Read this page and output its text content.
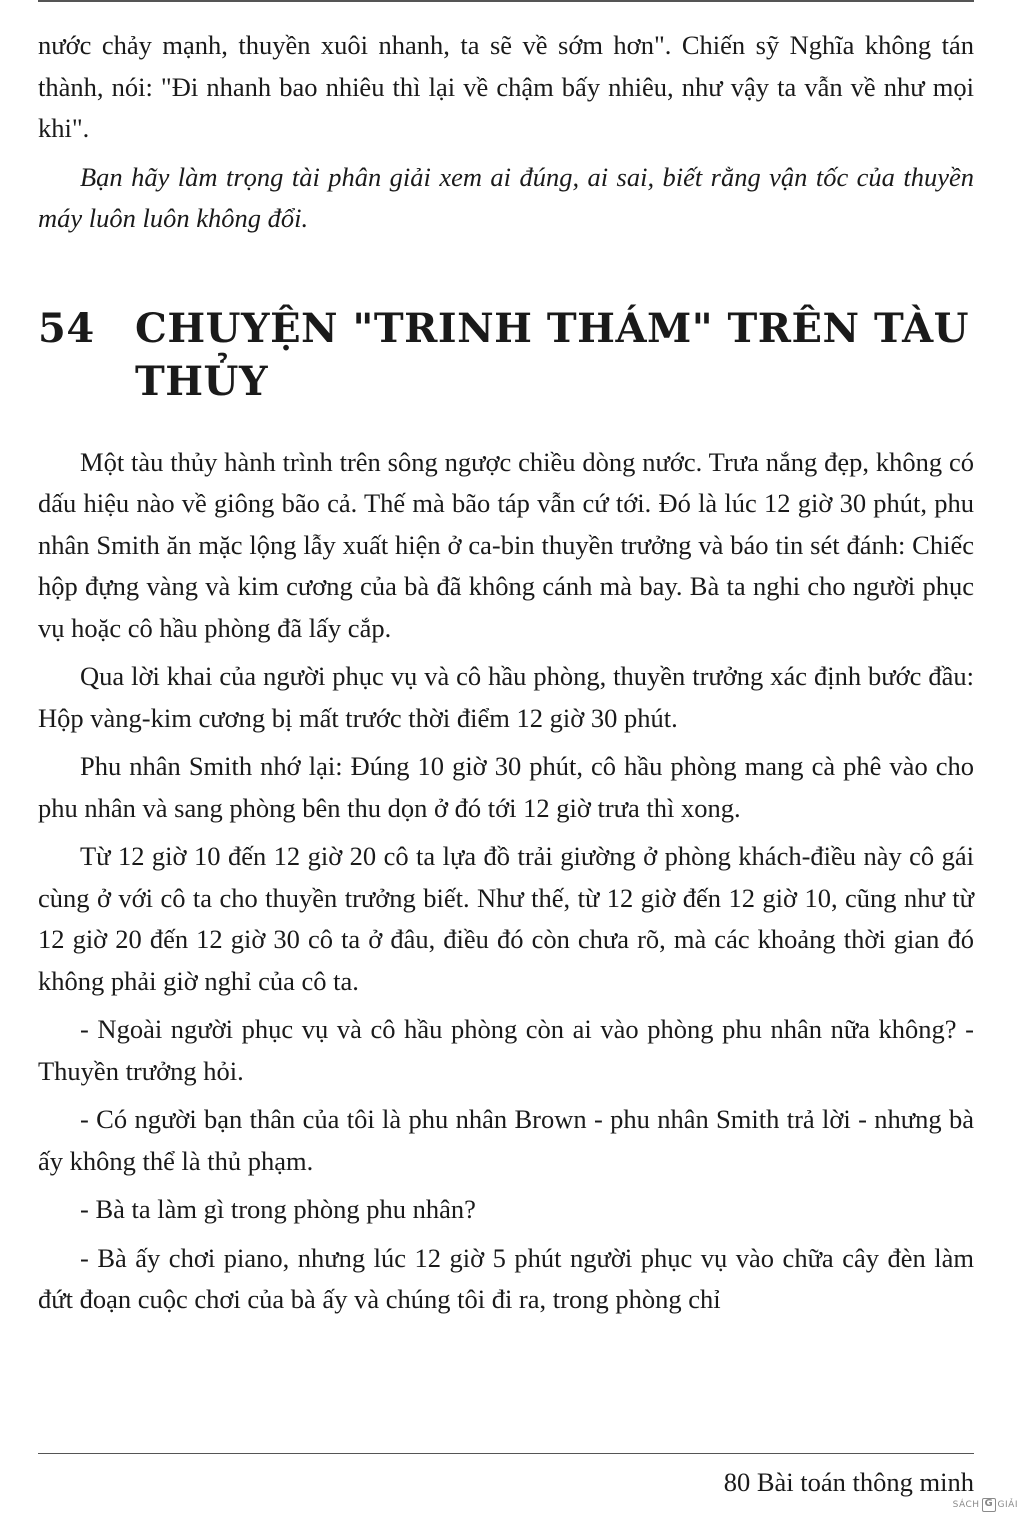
nước chảy mạnh, thuyền xuôi nhanh, ta sẽ về sớm hơn". Chiến sỹ Nghĩa không tán thành, nói: "Đi nhanh bao nhiêu thì lại về chậm bấy nhiêu, như vậy ta vẫn về như mọi khi".

Bạn hãy làm trọng tài phân giải xem ai đúng, ai sai, biết rằng vận tốc của thuyền máy luôn luôn không đổi.

54	CHUYỆN "TRINH THÁM" TRÊN TÀU THỦY

Một tàu thủy hành trình trên sông ngược chiều dòng nước. Trưa nắng đẹp, không có dấu hiệu nào về giông bão cả. Thế mà bão táp vẫn cứ tới. Đó là lúc 12 giờ 30 phút, phu nhân Smith ăn mặc lộng lẫy xuất hiện ở ca-bin thuyền trưởng và báo tin sét đánh: Chiếc hộp đựng vàng và kim cương của bà đã không cánh mà bay. Bà ta nghi cho người phục vụ hoặc cô hầu phòng đã lấy cắp.

Qua lời khai của người phục vụ và cô hầu phòng, thuyền trưởng xác định bước đầu: Hộp vàng-kim cương bị mất trước thời điểm 12 giờ 30 phút.

Phu nhân Smith nhớ lại: Đúng 10 giờ 30 phút, cô hầu phòng mang cà phê vào cho phu nhân và sang phòng bên thu dọn ở đó tới 12 giờ trưa thì xong.

Từ 12 giờ 10 đến 12 giờ 20 cô ta lựa đồ trải giường ở phòng khách-điều này cô gái cùng ở với cô ta cho thuyền trưởng biết. Như thế, từ 12 giờ đến 12 giờ 10, cũng như từ 12 giờ 20 đến 12 giờ 30 cô ta ở đâu, điều đó còn chưa rõ, mà các khoảng thời gian đó không phải giờ nghỉ của cô ta.

- Ngoài người phục vụ và cô hầu phòng còn ai vào phòng phu nhân nữa không? - Thuyền trưởng hỏi.

- Có người bạn thân của tôi là phu nhân Brown - phu nhân Smith trả lời - nhưng bà ấy không thể là thủ phạm.

- Bà ta làm gì trong phòng phu nhân?

- Bà ấy chơi piano, nhưng lúc 12 giờ 5 phút người phục vụ vào chữa cây đèn làm đứt đoạn cuộc chơi của bà ấy và chúng tôi đi ra, trong phòng chỉ

80 Bài toán thông minh
SÁCH
G GIẢI
